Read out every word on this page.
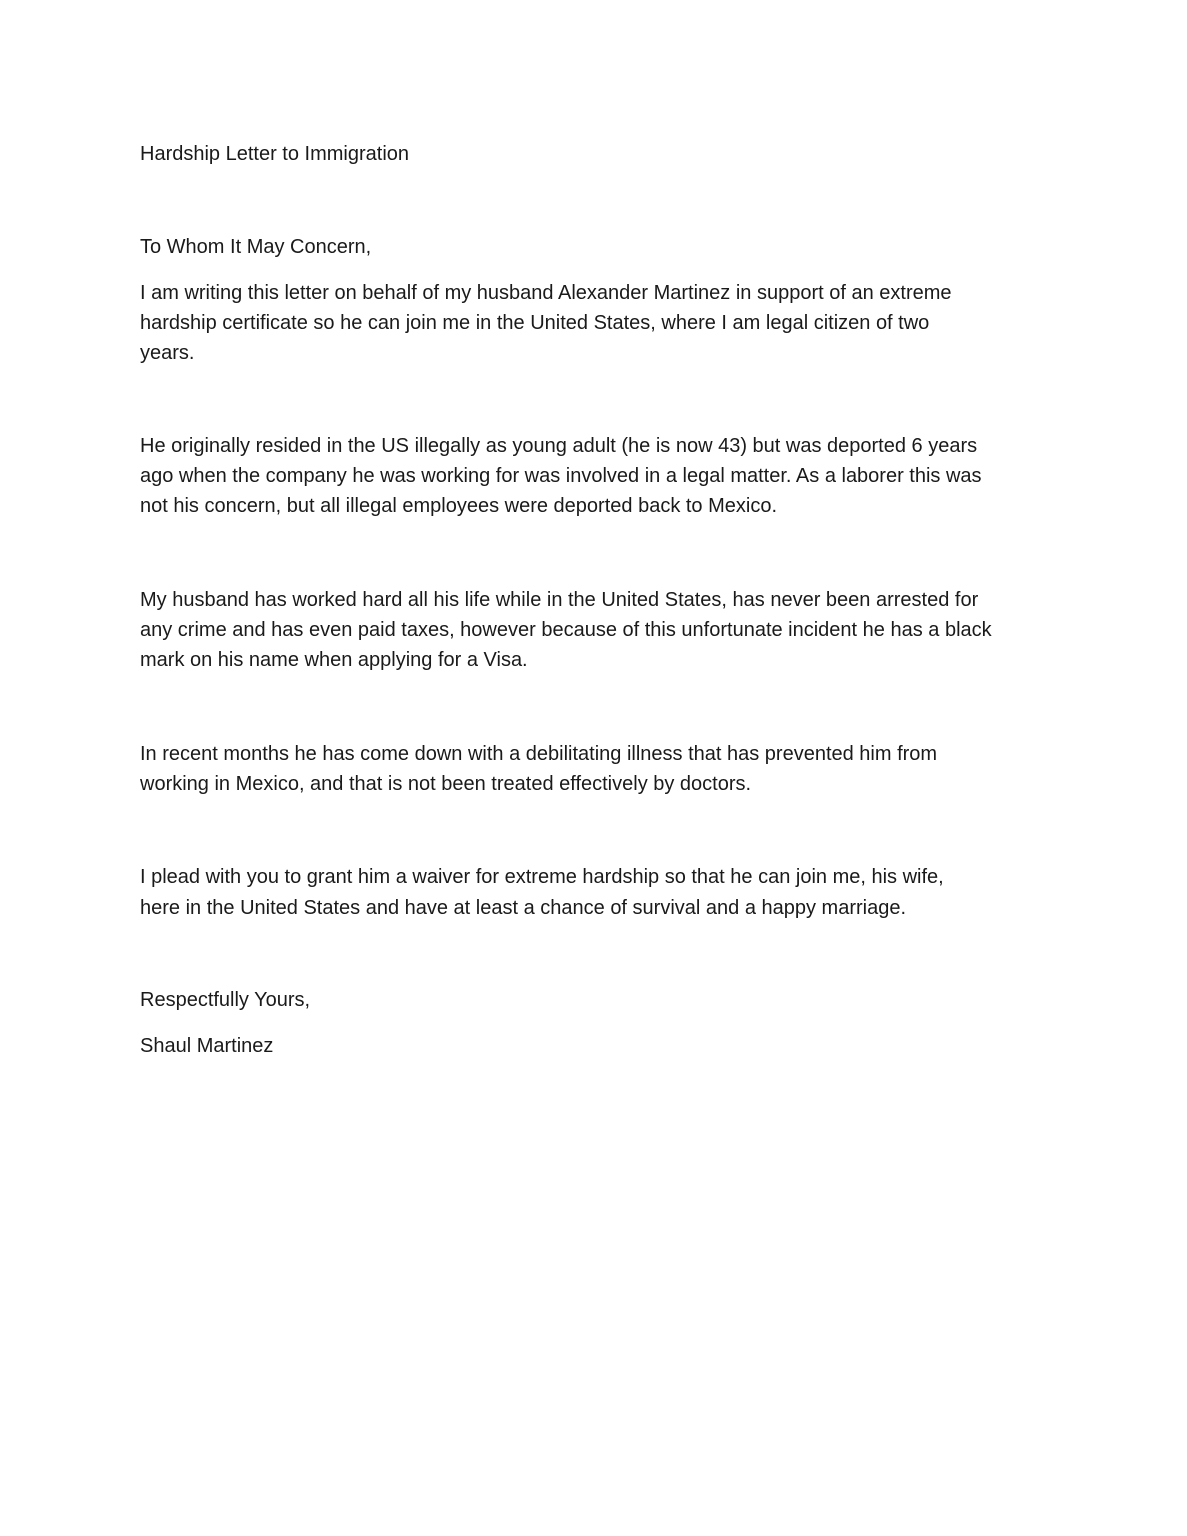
Hardship Letter to Immigration

To Whom It May Concern,

I am writing this letter on behalf of my husband Alexander Martinez in support of an extreme

hardship certificate so he can join me in the United States, where I am legal citizen of two

years.

He originally resided in the US illegally as young adult (he is now 43) but was deported 6 years

ago when the company he was working for was involved in a legal matter. As a laborer this was

not his concern, but all illegal employees were deported back to Mexico.

My husband has worked hard all his life while in the United States, has never been arrested for

any crime and has even paid taxes, however because of this unfortunate incident he has a black

mark on his name when applying for a Visa.

In recent months he has come down with a debilitating illness that has prevented him from

working in Mexico, and that is not been treated effectively by doctors.

I plead with you to grant him a waiver for extreme hardship so that he can join me, his wife,

here in the United States and have at least a chance of survival and a happy marriage.

Respectfully Yours,

Shaul Martinez
